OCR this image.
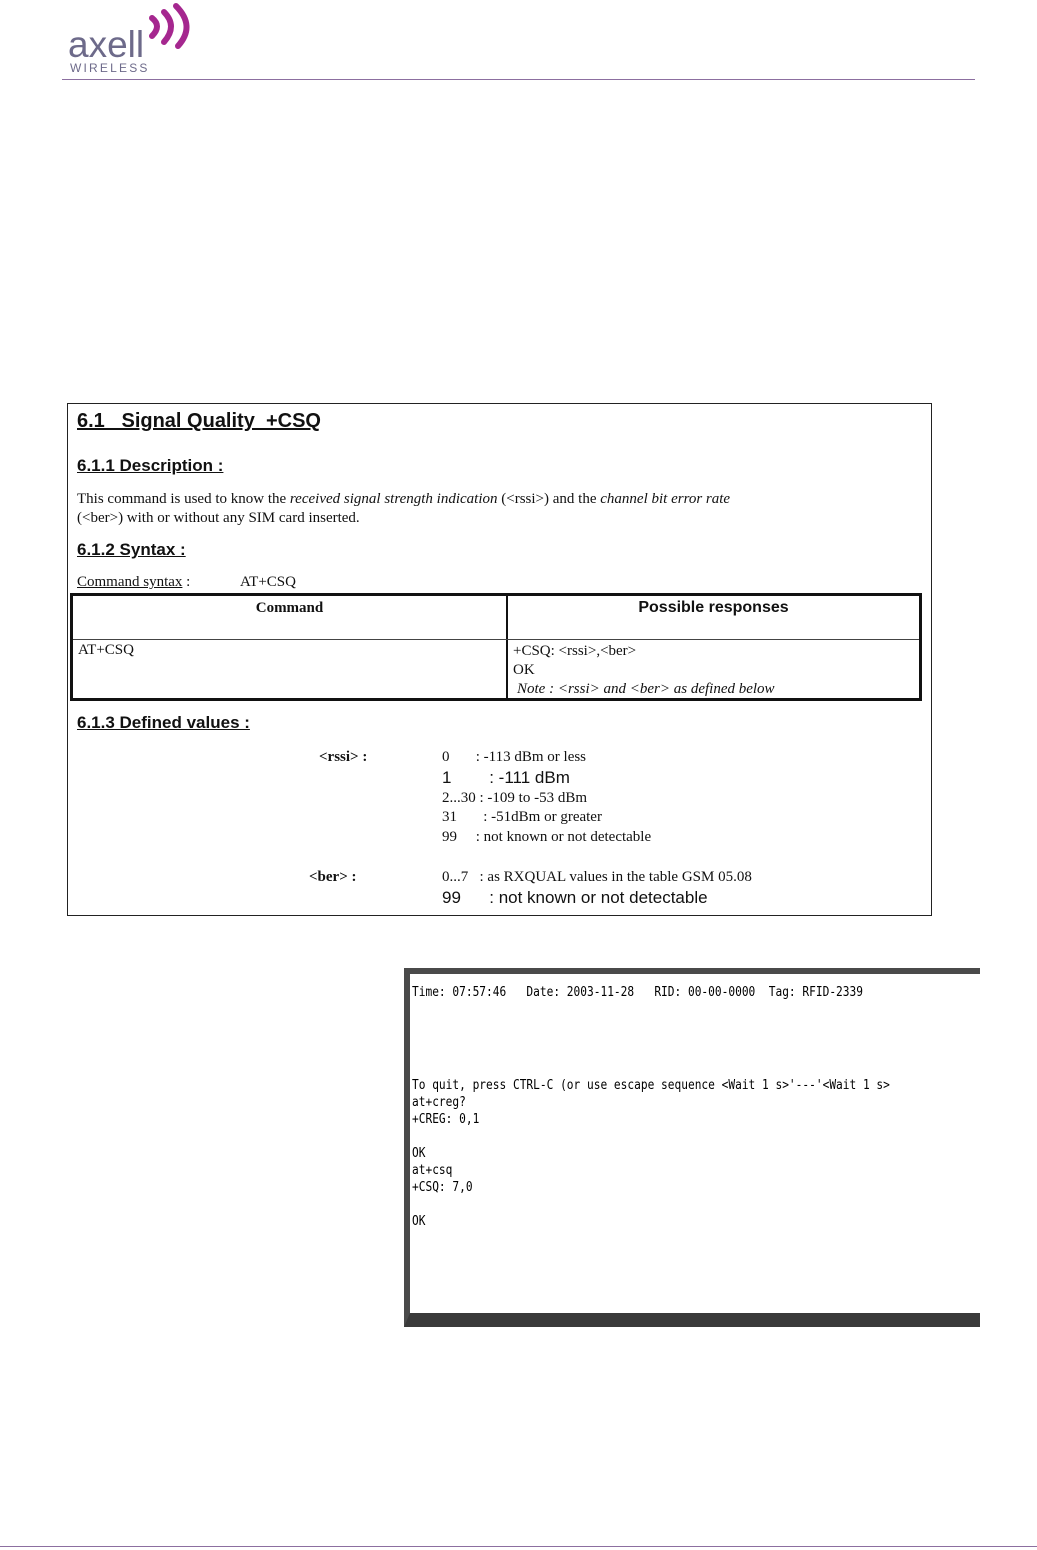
axell
WIRELESS
6.1   Signal Quality  +CSQ
6.1.1 Description :
This command is used to know the received signal strength indication (<rssi>) and the channel bit error rate
(<ber>) with or without any SIM card inserted.
6.1.2 Syntax :
Command syntax :	AT+CSQ
Command	Possible responses
AT+CSQ	+CSQ: <rssi>,<ber>
OK
Note : <rssi> and <ber> as defined below
6.1.3 Defined values :
<rssi> :	0       : -113 dBm or less
1        : -111 dBm
2...30 : -109 to -53 dBm
31       : -51dBm or greater
99     : not known or not detectable
<ber> :	0...7   : as RXQUAL values in the table GSM 05.08
99      : not known or not detectable
Time: 07:57:46   Date: 2003-11-28   RID: 00-00-0000  Tag: RFID-2339
To quit, press CTRL-C (or use escape sequence <Wait 1 s>'---'<Wait 1 s>
at+creg?
+CREG: 0,1
OK
at+csq
+CSQ: 7,0
OK
